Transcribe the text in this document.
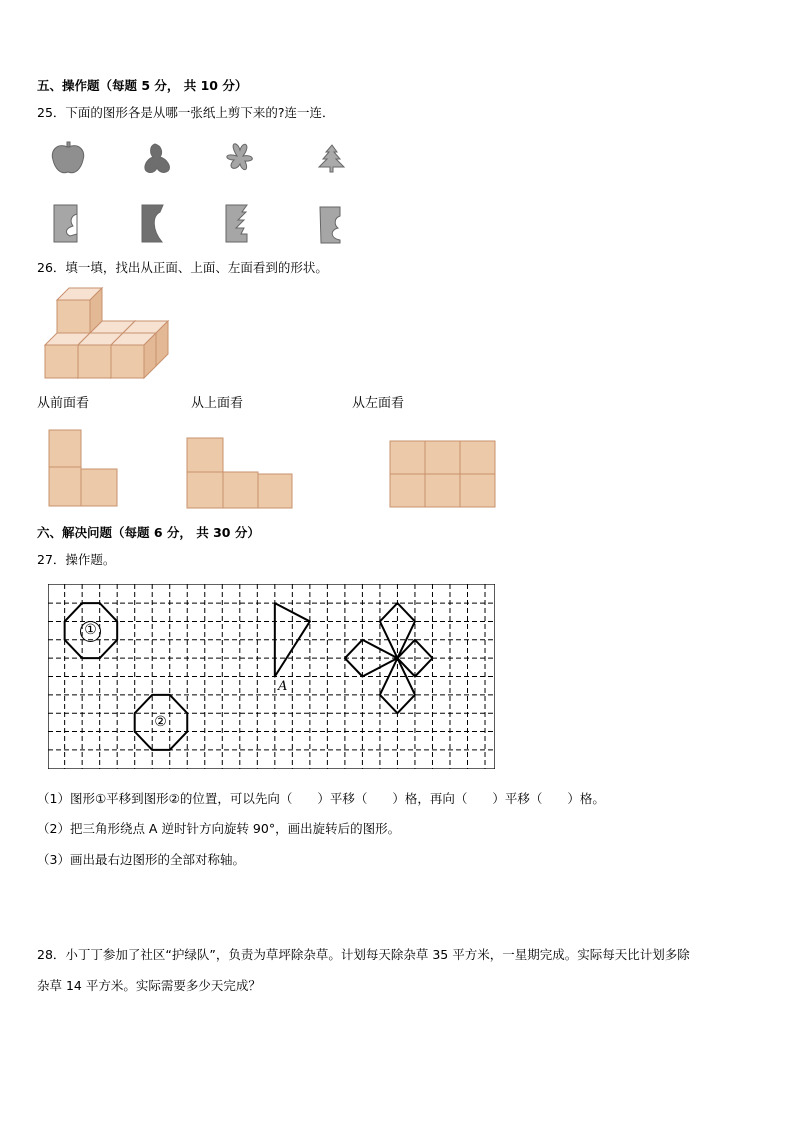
五、操作题（每题 5 分， 共 10 分）
25．下面的图形各是从哪一张纸上剪下来的?连一连．
26．填一填，找出从正面、上面、左面看到的形状。
从前面看	从上面看	从左面看
六、解决问题（每题 6 分， 共 30 分）
27．操作题。
①
②
A
（1）图形①平移到图形②的位置，可以先向（　　）平移（　　）格，再向（　　）平移（　　）格。
（2）把三角形绕点 A 逆时针方向旋转 90°，画出旋转后的图形。
（3）画出最右边图形的全部对称轴。
28．小丁丁参加了社区“护绿队”，负责为草坪除杂草。计划每天除杂草 35 平方米，一星期完成。实际每天比计划多除
杂草 14 平方米。实际需要多少天完成？
